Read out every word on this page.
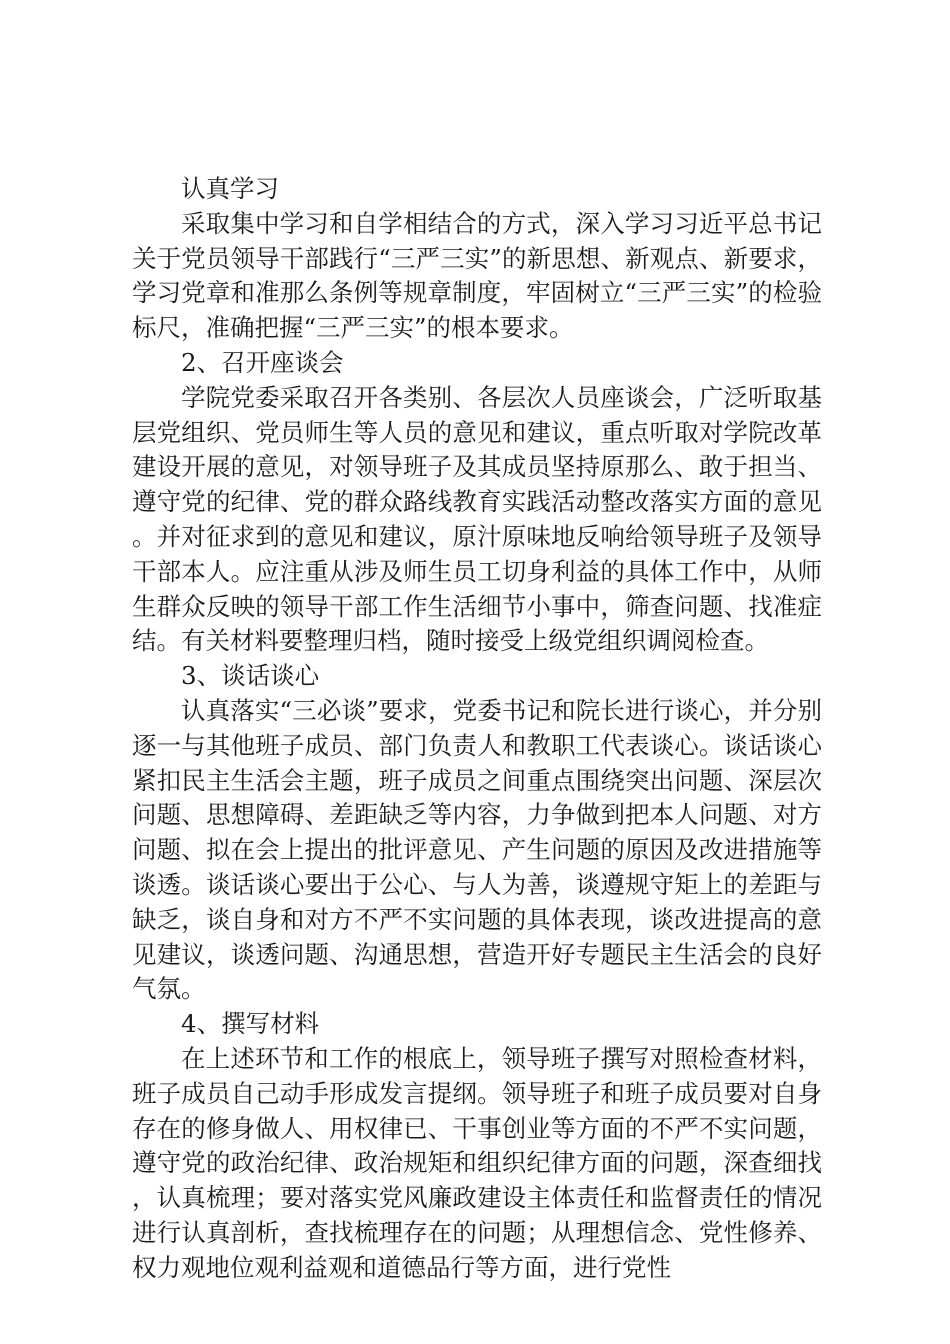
认真学习

采取集中学习和自学相结合的方式，深入学习习近平总书记关于党员领导干部践行“三严三实”的新思想、新观点、新要求，学习党章和准那么条例等规章制度，牢固树立“三严三实”的检验标尺，准确把握“三严三实”的根本要求。

2、召开座谈会

学院党委采取召开各类别、各层次人员座谈会，广泛听取基层党组织、党员师生等人员的意见和建议，重点听取对学院改革建设开展的意见，对领导班子及其成员坚持原那么、敢于担当、遵守党的纪律、党的群众路线教育实践活动整改落实方面的意见。并对征求到的意见和建议，原汁原味地反响给领导班子及领导干部本人。应注重从涉及师生员工切身利益的具体工作中，从师生群众反映的领导干部工作生活细节小事中，筛查问题、找准症结。有关材料要整理归档，随时接受上级党组织调阅检查。

3、谈话谈心

认真落实“三必谈”要求，党委书记和院长进行谈心，并分别逐一与其他班子成员、部门负责人和教职工代表谈心。谈话谈心紧扣民主生活会主题，班子成员之间重点围绕突出问题、深层次问题、思想障碍、差距缺乏等内容，力争做到把本人问题、对方问题、拟在会上提出的批评意见、产生问题的原因及改进措施等谈透。谈话谈心要出于公心、与人为善，谈遵规守矩上的差距与缺乏，谈自身和对方不严不实问题的具体表现，谈改进提高的意见建议，谈透问题、沟通思想，营造开好专题民主生活会的良好气氛。

4、撰写材料

在上述环节和工作的根底上，领导班子撰写对照检查材料，班子成员自己动手形成发言提纲。领导班子和班子成员要对自身存在的修身做人、用权律已、干事创业等方面的不严不实问题，遵守党的政治纪律、政治规矩和组织纪律方面的问题，深查细找，认真梳理；要对落实党风廉政建设主体责任和监督责任的情况进行认真剖析，查找梳理存在的问题；从理想信念、党性修养、权力观地位观利益观和道德品行等方面，进行党性
